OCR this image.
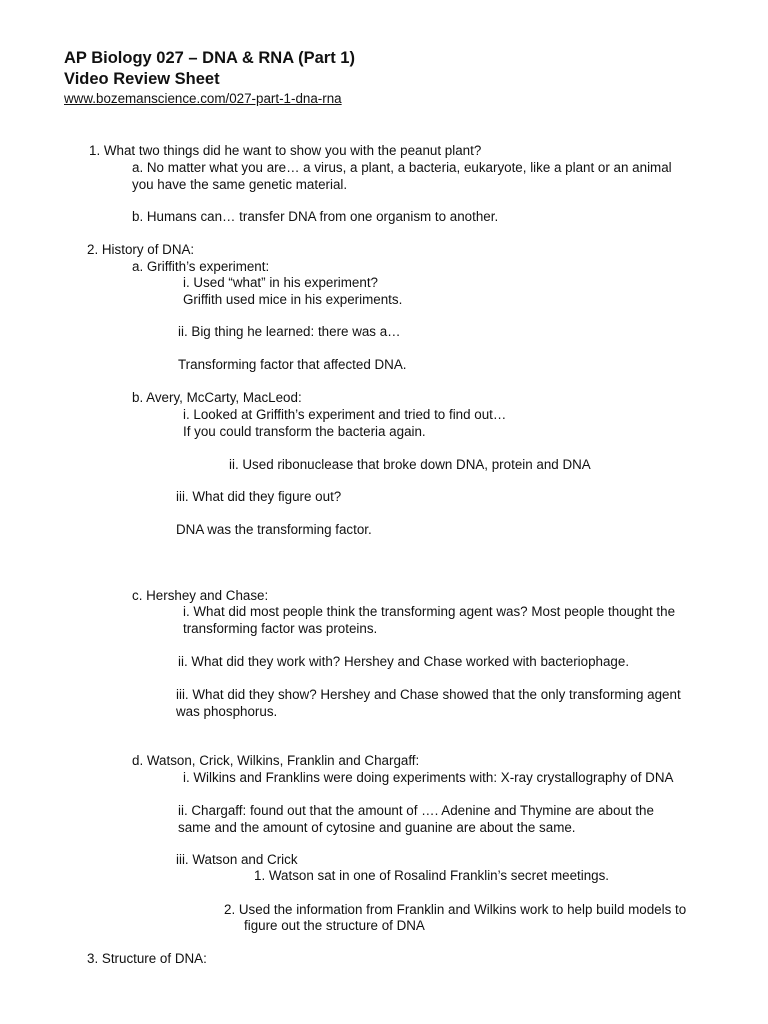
AP Biology 027 – DNA & RNA (Part 1)
Video Review Sheet
www.bozemanscience.com/027-part-1-dna-rna
1. What two things did he want to show you with the peanut plant?
a. No matter what you are… a virus, a plant, a bacteria, eukaryote, like a plant or an animal
you have the same genetic material.
b. Humans can… transfer DNA from one organism to another.
2. History of DNA:
a. Griffith’s experiment:
i. Used “what” in his experiment?
Griffith used mice in his experiments.
ii. Big thing he learned: there was a…
Transforming factor that affected DNA.
b. Avery, McCarty, MacLeod:
i. Looked at Griffith’s experiment and tried to find out…
If you could transform the bacteria again.
ii. Used ribonuclease that broke down DNA, protein and DNA
iii. What did they figure out?
DNA was the transforming factor.
c. Hershey and Chase:
i. What did most people think the transforming agent was? Most people thought the
transforming factor was proteins.
ii. What did they work with? Hershey and Chase worked with bacteriophage.
iii. What did they show? Hershey and Chase showed that the only transforming agent
was phosphorus.
d. Watson, Crick, Wilkins, Franklin and Chargaff:
i. Wilkins and Franklins were doing experiments with: X-ray crystallography of DNA
ii. Chargaff: found out that the amount of …. Adenine and Thymine are about the
same and the amount of cytosine and guanine are about the same.
iii. Watson and Crick
1. Watson sat in one of Rosalind Franklin’s secret meetings.
2. Used the information from Franklin and Wilkins work to help build models to
figure out the structure of DNA
3. Structure of DNA:
